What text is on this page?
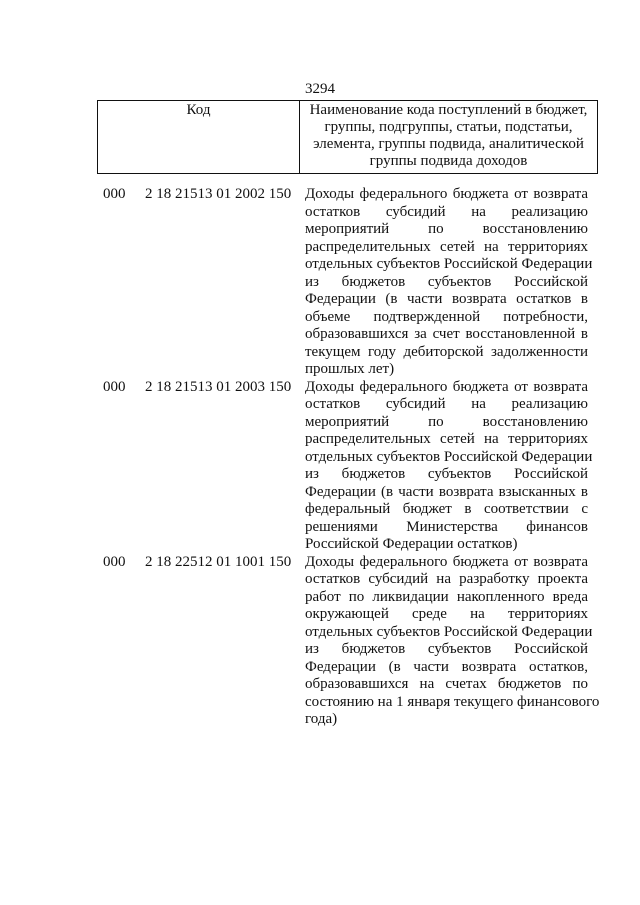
3294
Код	Наименование кода поступлений в бюджет,
группы, подгруппы, статьи, подстатьи,
элемента, группы подвида, аналитической
группы подвида доходов
000 2 18 21513 01 2002 150 Доходы федерального бюджета от возврата
остатков субсидий на реализацию
мероприятий по восстановлению
распределительных сетей на территориях
отдельных субъектов Российской Федерации
из бюджетов субъектов Российской
Федерации (в части возврата остатков в
объеме подтвержденной потребности,
образовавшихся за счет восстановленной в
текущем году дебиторской задолженности
прошлых лет)
000 2 18 21513 01 2003 150 Доходы федерального бюджета от возврата
остатков субсидий на реализацию
мероприятий по восстановлению
распределительных сетей на территориях
отдельных субъектов Российской Федерации
из бюджетов субъектов Российской
Федерации (в части возврата взысканных в
федеральный бюджет в соответствии с
решениями Министерства финансов
Российской Федерации остатков)
000 2 18 22512 01 1001 150 Доходы федерального бюджета от возврата
остатков субсидий на разработку проекта
работ по ликвидации накопленного вреда
окружающей среде на территориях
отдельных субъектов Российской Федерации
из бюджетов субъектов Российской
Федерации (в части возврата остатков,
образовавшихся на счетах бюджетов по
состоянию на 1 января текущего финансового
года)
